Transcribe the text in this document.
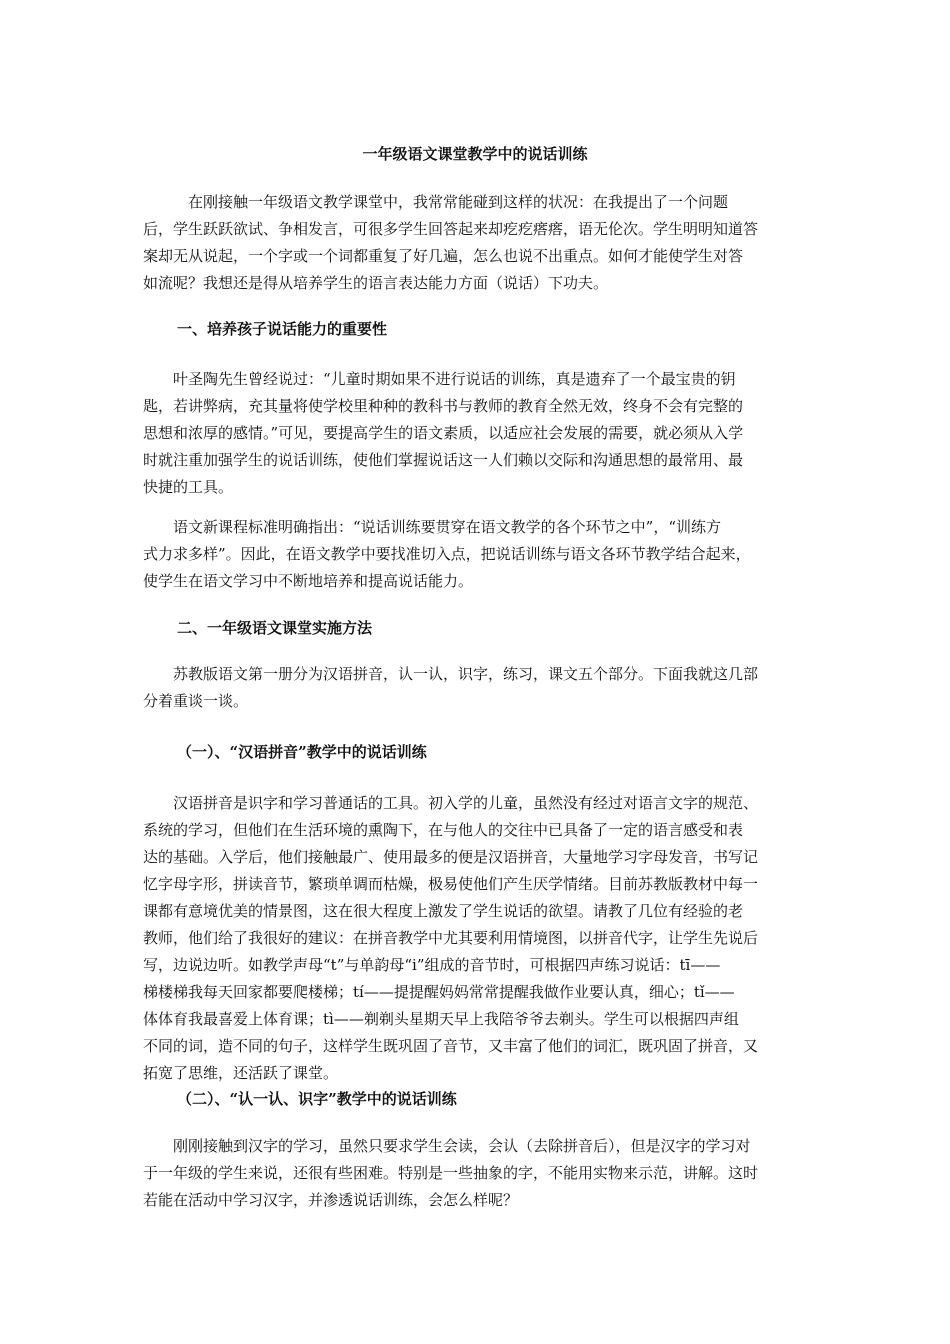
一年级语文课堂教学中的说话训练
　　　在刚接触一年级语文教学课堂中，我常常能碰到这样的状况：在我提出了一个问题
后，学生跃跃欲试、争相发言，可很多学生回答起来却疙疙瘩瘩，语无伦次。学生明明知道答
案却无从说起，一个字或一个词都重复了好几遍，怎么也说不出重点。如何才能使学生对答
如流呢？我想还是得从培养学生的语言表达能力方面（说话）下功夫。
一、培养孩子说话能力的重要性
　　叶圣陶先生曾经说过：“儿童时期如果不进行说话的训练，真是遗弃了一个最宝贵的钥
匙，若讲弊病，充其量将使学校里种种的教科书与教师的教育全然无效，终身不会有完整的
思想和浓厚的感情。”可见，要提高学生的语文素质，以适应社会发展的需要，就必须从入学
时就注重加强学生的说话训练，使他们掌握说话这一人们赖以交际和沟通思想的最常用、最
快捷的工具。
　　语文新课程标准明确指出：“说话训练要贯穿在语文教学的各个环节之中”，“训练方
式力求多样”。因此，在语文教学中要找准切入点，把说话训练与语文各环节教学结合起来，
使学生在语文学习中不断地培养和提高说话能力。
二、一年级语文课堂实施方法
　　苏教版语文第一册分为汉语拼音，认一认，识字，练习，课文五个部分。下面我就这几部
分着重谈一谈。
（一）、“汉语拼音”教学中的说话训练
　　汉语拼音是识字和学习普通话的工具。初入学的儿童，虽然没有经过对语言文字的规范、
系统的学习，但他们在生活环境的熏陶下，在与他人的交往中已具备了一定的语言感受和表
达的基础。入学后，他们接触最广、使用最多的便是汉语拼音，大量地学习字母发音，书写记
忆字母字形，拼读音节，繁琐单调而枯燥，极易使他们产生厌学情绪。目前苏教版教材中每一
课都有意境优美的情景图，这在很大程度上激发了学生说话的欲望。请教了几位有经验的老
教师，他们给了我很好的建议：在拼音教学中尤其要利用情境图，以拼音代字，让学生先说后
写，边说边听。如教学声母“t”与单韵母“i”组成的音节时，可根据四声练习说话：tī——
梯楼梯我每天回家都要爬楼梯；tí——提提醒妈妈常常提醒我做作业要认真，细心；tǐ——
体体育我最喜爱上体育课；tì——剃剃头星期天早上我陪爷爷去剃头。学生可以根据四声组
不同的词，造不同的句子，这样学生既巩固了音节，又丰富了他们的词汇，既巩固了拼音，又
拓宽了思维，还活跃了课堂。
（二）、“认一认、识字”教学中的说话训练
　　刚刚接触到汉字的学习，虽然只要求学生会读，会认（去除拼音后），但是汉字的学习对
于一年级的学生来说，还很有些困难。特别是一些抽象的字，不能用实物来示范，讲解。这时
若能在活动中学习汉字，并渗透说话训练，会怎么样呢？
